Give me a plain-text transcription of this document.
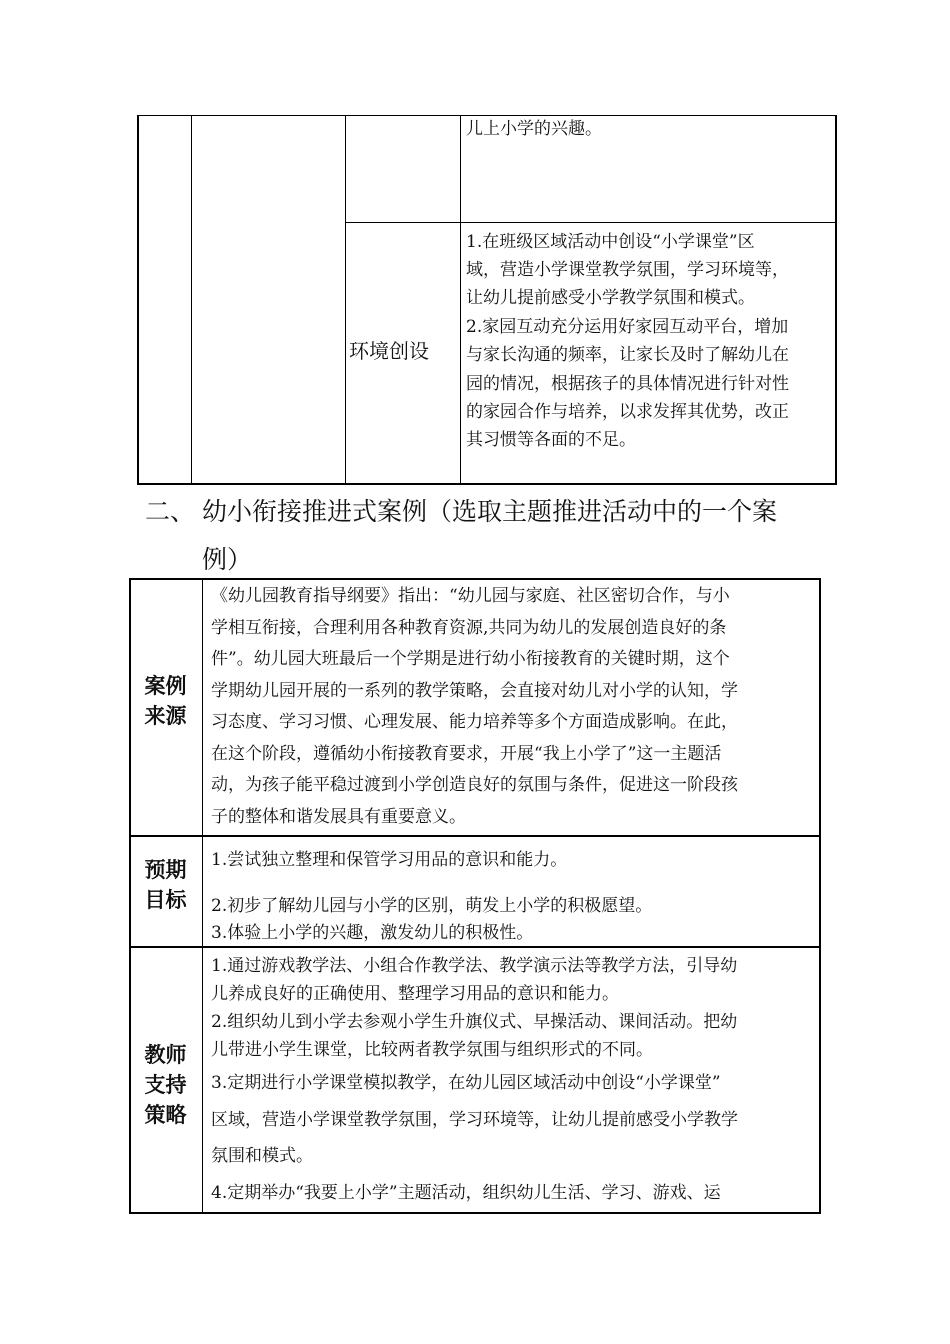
儿上小学的兴趣。
环境创设
1.在班级区域活动中创设“小学课堂”区
域，营造小学课堂教学氛围，学习环境等，
让幼儿提前感受小学教学氛围和模式。
2.家园互动充分运用好家园互动平台，增加
与家长沟通的频率，让家长及时了解幼儿在
园的情况，根据孩子的具体情况进行针对性
的家园合作与培养，以求发挥其优势，改正
其习惯等各面的不足。
二、 幼小衔接推进式案例（选取主题推进活动中的一个案
例）
案例
来源
《幼儿园教育指导纲要》指出：“幼儿园与家庭、社区密切合作，与小
学相互衔接，合理利用各种教育资源,共同为幼儿的发展创造良好的条
件”。幼儿园大班最后一个学期是进行幼小衔接教育的关键时期，这个
学期幼儿园开展的一系列的教学策略，会直接对幼儿对小学的认知，学
习态度、学习习惯、心理发展、能力培养等多个方面造成影响。在此，
在这个阶段，遵循幼小衔接教育要求，开展“我上小学了”这一主题活
动，为孩子能平稳过渡到小学创造良好的氛围与条件，促进这一阶段孩
子的整体和谐发展具有重要意义。
预期
目标
1.尝试独立整理和保管学习用品的意识和能力。
2.初步了解幼儿园与小学的区别，萌发上小学的积极愿望。
3.体验上小学的兴趣，激发幼儿的积极性。
教师
支持
策略
1.通过游戏教学法、小组合作教学法、教学演示法等教学方法，引导幼
儿养成良好的正确使用、整理学习用品的意识和能力。
2.组织幼儿到小学去参观小学生升旗仪式、早操活动、课间活动。把幼
儿带进小学生课堂，比较两者教学氛围与组织形式的不同。
3.定期进行小学课堂模拟教学，在幼儿园区域活动中创设“小学课堂”
区域，营造小学课堂教学氛围，学习环境等，让幼儿提前感受小学教学
氛围和模式。
4.定期举办“我要上小学”主题活动，组织幼儿生活、学习、游戏、运
